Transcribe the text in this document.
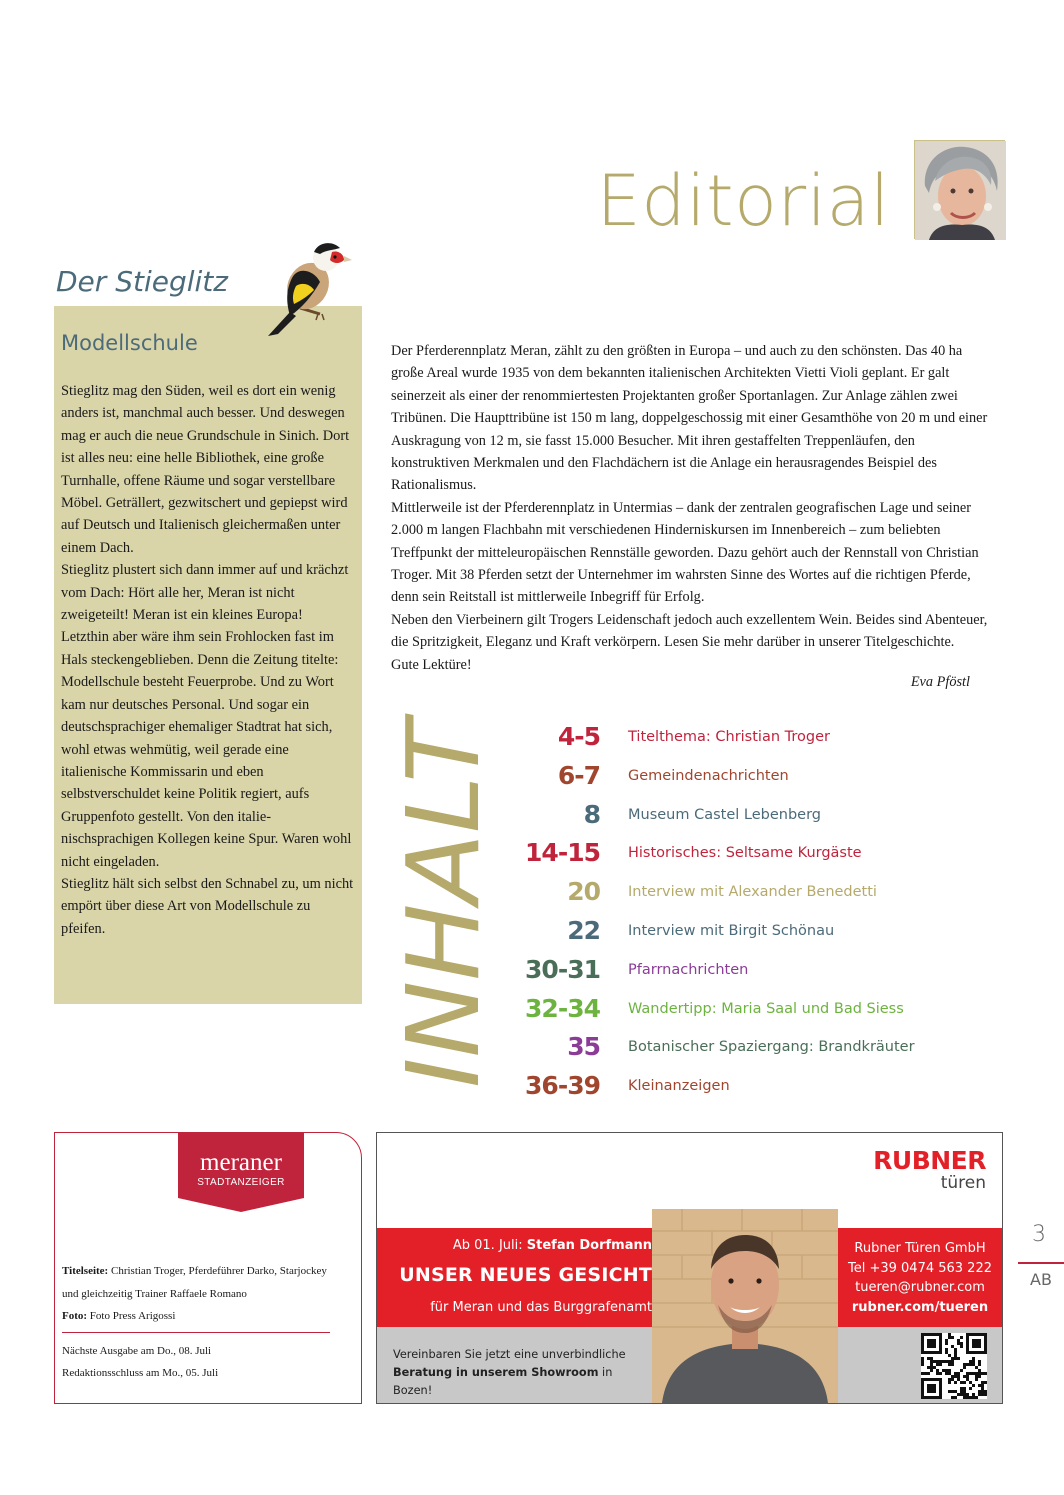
Editorial
Der Stieglitz
Modellschule

Stieglitz mag den Süden, weil es dort ein wenig anders ist, manchmal auch besser. Und deswegen mag er auch die neue Grundschule in Sinich. Dort ist alles neu: eine helle Bibliothek, eine große Turnhalle, offene Räume und sogar verstellbare Möbel. Geträllert, gezwitschert und gepiepst wird auf Deutsch und Italienisch gleichermaßen unter einem Dach.

Stieglitz plustert sich dann immer auf und krächzt vom Dach: Hört alle her, Meran ist nicht zweigeteilt! Meran ist ein kleines Europa!

Letzthin aber wäre ihm sein Frohlocken fast im Hals steckengeblieben. Denn die Zeitung titelte: Modellschule besteht Feuerprobe. Und zu Wort kam nur deutsches Personal. Und sogar ein deutschsprachiger ehemaliger Stadtrat hat sich, wohl etwas wehmütig, weil gerade eine italienische Kommissarin und eben selbstverschuldet keine Politik regiert, aufs Gruppenfoto gestellt. Von den italie-nischsprachigen Kollegen keine Spur. Waren wohl nicht eingeladen.

Stieglitz hält sich selbst den Schnabel zu, um nicht empört über diese Art von Modellschule zu pfeifen.

Der Pferderennplatz Meran, zählt zu den größten in Europa – und auch zu den schönsten. Das 40 ha große Areal wurde 1935 von dem bekannten italienischen Architekten Vietti Violi geplant. Er galt seinerzeit als einer der renommiertesten Projektanten großer Sportanlagen. Zur Anlage zählen zwei Tribünen. Die Haupttribüne ist 150 m lang, doppelgeschossig mit einer Gesamthöhe von 20 m und einer Auskragung von 12 m, sie fasst 15.000 Besucher. Mit ihren gestaffelten Treppenläufen, den konstruktiven Merkmalen und den Flachdächern ist die Anlage ein herausragendes Beispiel des Rationalismus.

Mittlerweile ist der Pferderennplatz in Untermias – dank der zentralen geografischen Lage und seiner 2.000 m langen Flachbahn mit verschiedenen Hinderniskursen im Innenbereich – zum beliebten Treffpunkt der mitteleuropäischen Rennställe geworden. Dazu gehört auch der Rennstall von Christian Troger. Mit 38 Pferden setzt der Unternehmer im wahrsten Sinne des Wortes auf die richtigen Pferde, denn sein Reitstall ist mittlerweile Inbegriff für Erfolg.

Neben den Vierbeinern gilt Trogers Leidenschaft jedoch auch exzellentem Wein. Beides sind Abenteuer, die Spritzigkeit, Eleganz und Kraft verkörpern. Lesen Sie mehr darüber in unserer Titelgeschichte.

Gute Lektüre!

Eva Pföstl
INHALT	4-5 Titelthema: Christian Troger
6-7 Gemeindenachrichten
8 Museum Castel Lebenberg
14-15 Historisches: Seltsame Kurgäste
20 Interview mit Alexander Benedetti
22 Interview mit Birgit Schönau
30-31 Pfarrnachrichten
32-34 Wandertipp: Maria Saal und Bad Siess
35 Botanischer Spaziergang: Brandkräuter
36-39 Kleinanzeigen
meraner
STADTANZEIGER
Titelseite: Christian Troger, Pferdeführer Darko, Starjockey und gleichzeitig Trainer Raffaele Romano
Foto: Foto Press Arigossi
Nächste Ausgabe am Do., 08. Juli
Redaktionsschluss am Mo., 05. Juli
RUBNER
türen
Ab 01. Juli: Stefan Dorfmann
UNSER NEUES GESICHT
für Meran und das Burggrafenamt
Vereinbaren Sie jetzt eine unverbindliche
Beratung in unserem Showroom in Bozen!
Rubner Türen GmbH
Tel +39 0474 563 222
tueren@rubner.com
rubner.com/tueren
3
AB
